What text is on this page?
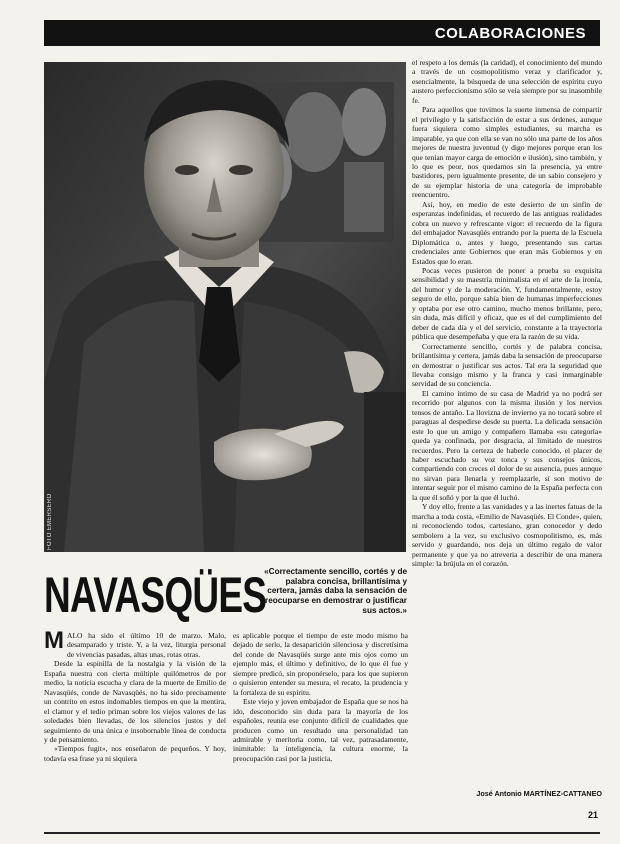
COLABORACIONES
FOTO EMERSERO

el respeto a los demás (la caridad), el conocimiento del mundo a través de un cosmopolitismo veraz y clarificador y, esencialmente, la búsqueda de una selección de espíritu cuyo austero perfeccionismo sólo se veía siempre por su inasombile fe.

Para aquellos que tuvimos la suerte inmensa de compartir el privilegio y la satisfacción de estar a sus órdenes, aunque fuera siquiera como simples estudiantes, su marcha es imparable, ya que con ella se van no sólo una parte de los años mejores de nuestra juventud (y digo mejores porque eran los que tenían mayor carga de emoción e ilusión), sino también, y lo que es peor, nos quedamos sin la presencia, ya entre bastidores, pero igualmente presente, de un sabio consejero y de su ejemplar historia de una categoría de improbable reencuentro.

Así, hoy, en medio de este desierto de un sinfín de esperanzas indefinidas, el recuerdo de las antiguas realidades cobra un nuevo y refrescante vigor: el recuerdo de la figura del embajador Navasqüés entrando por la puerta de la Escuela Diplomática o, antes y luego, presentando sus cartas credenciales ante Gobiernos que eran más Gobiernos y en Estados que lo eran.

Pocas veces pusieron de poner a prueba su exquisita sensibilidad y su maestría minimalista en el arte de la ironía, del humor y de la moderación. Y, fundamentalmente, estoy seguro de ello, porque sabía bien de humanas imperfecciones y optaba por ese otro camino, mucho menos brillante, pero, sin duda, más difícil y eficaz, que es el del cumplimiento del deber de cada día y el del servicio, constante a la trayectoria pública que desempeñaba y que era la razón de su vida.

Correctamente sencillo, cortés y de palabra concisa, brillantísima y certera, jamás daba la sensación de preocuparse en demostrar o justificar sus actos. Tal era la seguridad que llevaba consigo mismo y la franca y casi inmarginable servidad de su conciencia.

El camino íntimo de su casa de Madrid ya no podrá ser recorrido por algunos con la misma ilusión y los nervios tensos de antaño. La llovizna de invierno ya no tocará sobre el paraguas al despedirse desde su puerta. La delicada sensación este lo que un amigo y compañero llamaba «su categoría» queda ya confinada, por desgracia, al limitado de nuestros recuerdos. Pero la certeza de haberle conocido, el placer de haber escuchado su voz tonca y sus consejos únicos, compartiendo con creces el dolor de su ausencia, pues aunque no sirvan para llenarla y reemplazarle, sí son motivo de intentar seguir por el mismo camino de la España perfecta con la que él soñó y por la que él luchó.

Y doy ello, frente a las vanidades y a las inertes fatuas de la marcha a toda costa, «Emilio de Navasqüés. El Conde», quien, ni reconociendo todos, cartesiano, gran conocedor y dedo sembolero a la vez, su exclusivo cosmopolitismo, es, más servido y guardando, nos deja un último regalo de valor permanente y que ya no atreveria a describir de una manera simple: la brújula en el corazón.

NAVASQÜES
«Correctamente sencillo, cortés y de palabra concisa, brillantísima y certera, jamás daba la sensación de preocuparse en demostrar o justificar sus actos.»

MALO ha sido el último 10 de marzo. Malo, desamparado y triste. Y, a la vez, liturgia personal de vivencias pasadas, altas unas, rotas otras.

Desde la espinilla de la nostalgia y la visión de la España nuestra con cierta múltiple quilómetros de por medio, la noticia escucha y clara de la muerte de Emilio de Navasqüés, conde de Navasqüés, no ha sido precisamente un contrito en estos indomables tiempos en que la mentira, el clamor y el tedio priman sobre los viejos valores de las soledades bien llevadas, de los silencios justos y del seguimiento de una única e insobornable línea de conducta y de pensamiento.

«Tiempos fugit», nos enseñaron de pequeños. Y hoy, todavía esa frase ya ni siquiera

es aplicable porque el tiempo de este modo mismo ha dejado de serlo, la desaparición silenciosa y discretísima del conde de Navasqüés surge ante mis ojos como un ejemplo más, el último y definitivo, de lo que él fue y siempre predicó, sin proponérselo, para los que supieron o quisieron entender su mesura, el recato, la prudencia y la fortaleza de su espíritu.

Este viejo y joven embajador de España que se nos ha ido, desconocido sin duda para la mayoría de los españoles, reunía ese conjunto difícil de cualidades que producen como un resultado una personalidad tan admirable y meritoria como, tal vez, patrasadamente, inimitable: la inteligencia, la cultura enorme, la preocupación casi por la justicia,

José Antonio MARTÍNEZ-CATTANEO
21
